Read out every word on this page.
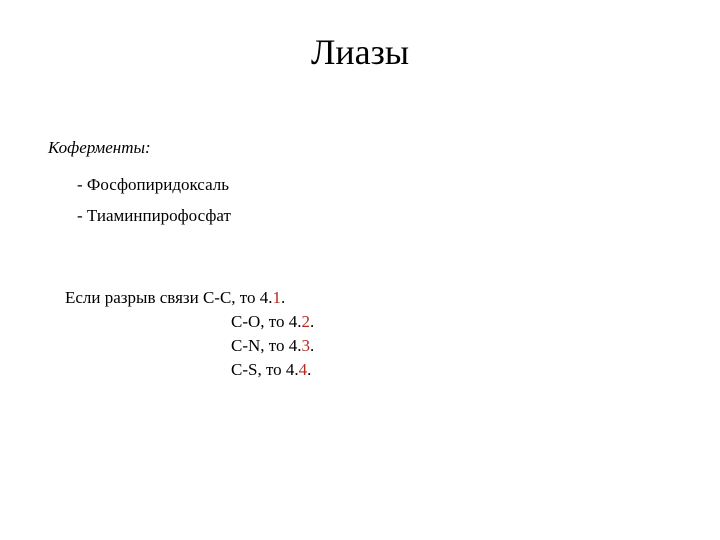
Лиазы
Коферменты:
- Фосфопиридоксаль
- Тиаминпирофосфат
Если разрыв связи С-С, то 4.1.
С-О, то 4.2.
С-N, то 4.3.
С-S, то 4.4.
